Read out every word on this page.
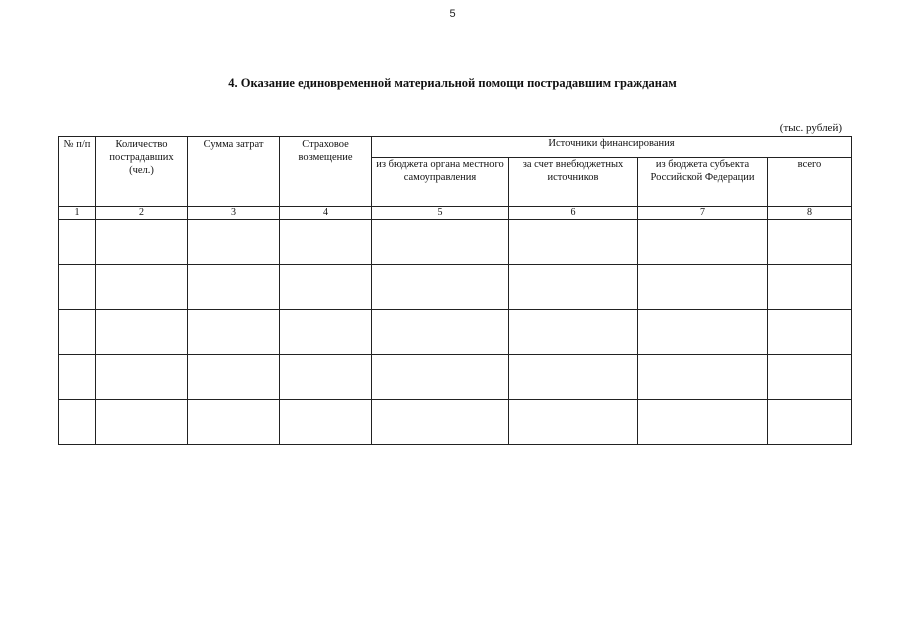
5
4. Оказание единовременной материальной помощи пострадавшим гражданам
(тыс. рублей)
№ п/п	Количество пострадавших (чел.)	Сумма затрат	Страховое возмещение	Источники финансирования			

				из бюджета органа местного самоуправления	за счет внебюджетных источников	из бюджета субъекта Российской Федерации	всего

1	2	3	4	5	6	7	8
